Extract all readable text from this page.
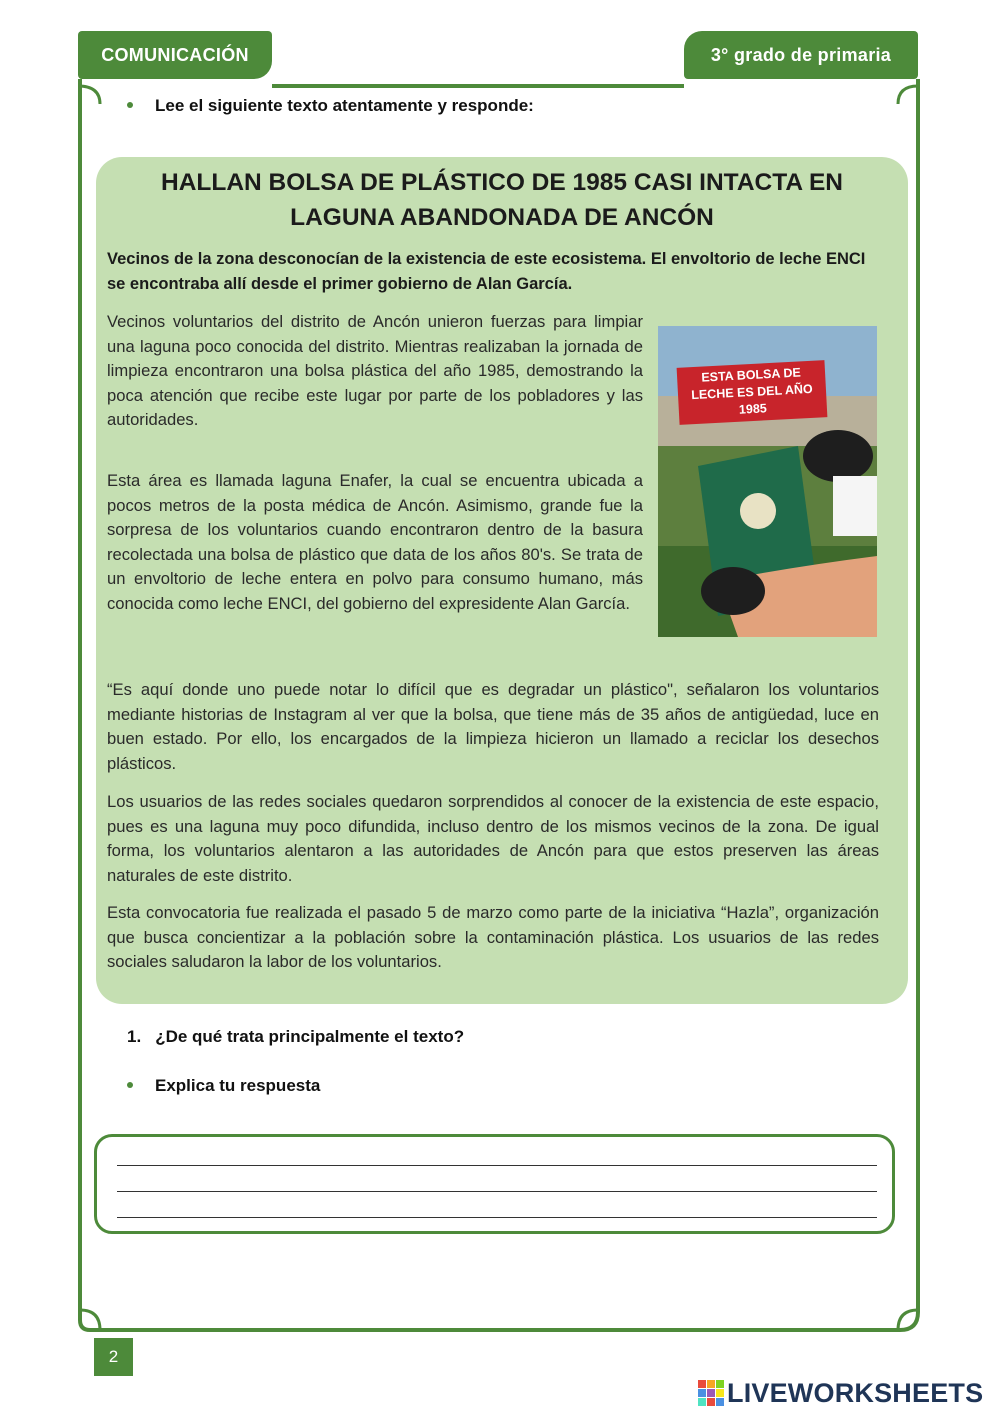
COMUNICACIÓN	3° grado de primaria
Lee el siguiente texto atentamente y responde:
HALLAN BOLSA DE PLÁSTICO DE 1985 CASI INTACTA EN LAGUNA ABANDONADA DE ANCÓN

Vecinos de la zona desconocían de la existencia de este ecosistema. El envoltorio de leche ENCI se encontraba allí desde el primer gobierno de Alan García.

Vecinos voluntarios del distrito de Ancón unieron fuerzas para limpiar una laguna poco conocida del distrito. Mientras realizaban la jornada de limpieza encontraron una bolsa plástica del año 1985, demostrando la poca atención que recibe este lugar por parte de los pobladores y las autoridades.

Esta área es llamada laguna Enafer, la cual se encuentra ubicada a pocos metros de la posta médica de Ancón. Asimismo, grande fue la sorpresa de los voluntarios cuando encontraron dentro de la basura recolectada una bolsa de plástico que data de los años 80's. Se trata de un envoltorio de leche entera en polvo para consumo humano, más conocida como leche ENCI, del gobierno del expresidente Alan García.

ESTA BOLSA DE LECHE ES DEL AÑO 1985

“Es aquí donde uno puede notar lo difícil que es degradar un plástico", señalaron los voluntarios mediante historias de Instagram al ver que la bolsa, que tiene más de 35 años de antigüedad, luce en buen estado. Por ello, los encargados de la limpieza hicieron un llamado a reciclar los desechos plásticos.

Los usuarios de las redes sociales quedaron sorprendidos al conocer de la existencia de este espacio, pues es una laguna muy poco difundida, incluso dentro de los mismos vecinos de la zona. De igual forma, los voluntarios alentaron a las autoridades de Ancón para que estos preserven las áreas naturales de este distrito.

Esta convocatoria fue realizada el pasado 5 de marzo como parte de la iniciativa “Hazla”, organización que busca concientizar a la población sobre la contaminación plástica. Los usuarios de las redes sociales saludaron la labor de los voluntarios.

1. ¿De qué trata principalmente el texto?
Explica tu respuesta
2
LIVEWORKSHEETS
